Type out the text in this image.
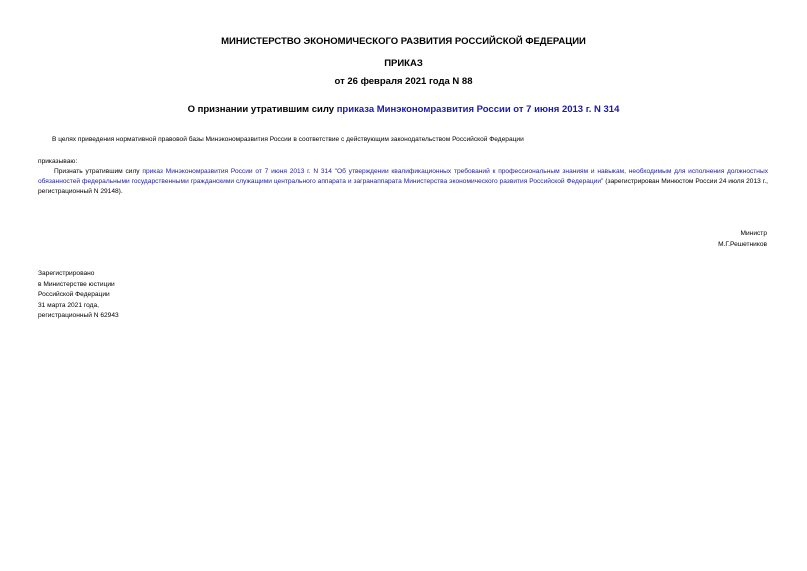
МИНИСТЕРСТВО ЭКОНОМИЧЕСКОГО РАЗВИТИЯ РОССИЙСКОЙ ФЕДЕРАЦИИ
ПРИКАЗ
от 26 февраля 2021 года N 88
О признании утратившим силу приказа Минэкономразвития России от 7 июня 2013 г. N 314
В целях приведения нормативной правовой базы Минэкономразвития России в соответствие с действующим законодательством Российской Федерации
приказываю:
Признать утратившим силу приказ Минэкономразвития России от 7 июня 2013 г. N 314 "Об утверждении квалификационных требований к профессиональным знаниям и навыкам, необходимым для исполнения должностных обязанностей федеральными государственными гражданскими служащими центрального аппарата и загранаппарата Министерства экономического развития Российской Федерации" (зарегистрирован Минюстом России 24 июля 2013 г., регистрационный N 29148).
Министр
М.Г.Решетников
Зарегистрировано
в Министерстве юстиции
Российской Федерации
31 марта 2021 года,
регистрационный N 62943
